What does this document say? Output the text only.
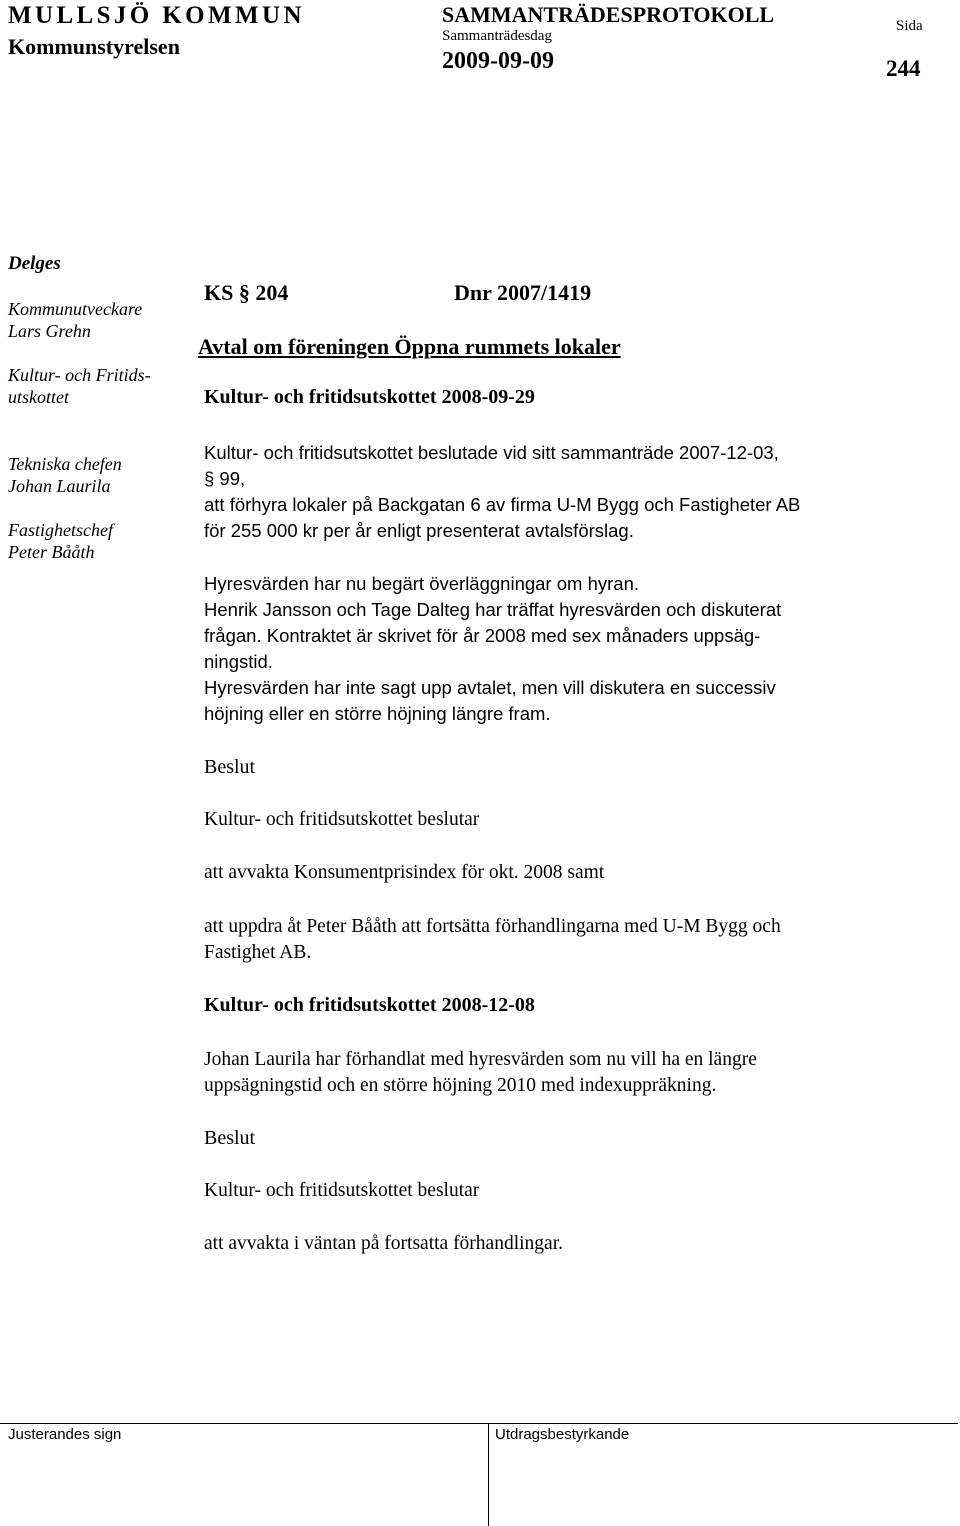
MULLSJÖ KOMMUN
Kommunstyrelsen
SAMMANTRÄDESPROTOKOLL
Sammanträdesdag
2009-09-09
Sida
244
Delges
Kommunutveckare
Lars Grehn
Kultur- och Fritids-
utskottet
Tekniska chefen
Johan Laurila
Fastighetschef
Peter Bååth
KS § 204	Dnr 2007/1419
Avtal om föreningen Öppna rummets lokaler
Kultur- och fritidsutskottet 2008-09-29

Kultur- och fritidsutskottet beslutade vid sitt sammanträde 2007-12-03,

§ 99,

att förhyra lokaler på Backgatan 6 av firma U-M Bygg och Fastigheter AB

för 255 000 kr per år enligt presenterat avtalsförslag.

Hyresvärden har nu begärt överläggningar om hyran.

Henrik Jansson och Tage Dalteg har träffat hyresvärden och diskuterat

frågan. Kontraktet är skrivet för år 2008 med sex månaders uppsäg-

ningstid.

Hyresvärden har inte sagt upp avtalet, men vill diskutera en successiv

höjning eller en större höjning längre fram.

Beslut
Kultur- och fritidsutskottet beslutar
att avvakta Konsumentprisindex för okt. 2008 samt

att uppdra åt Peter Bååth att fortsätta förhandlingarna med U-M Bygg och

Fastighet AB.

Kultur- och fritidsutskottet 2008-12-08

Johan Laurila har förhandlat med hyresvärden som nu vill ha en längre

uppsägningstid och en större höjning 2010 med indexuppräkning.

Beslut
Kultur- och fritidsutskottet beslutar
att avvakta i väntan på fortsatta förhandlingar.
Justerandes sign	Utdragsbestyrkande
